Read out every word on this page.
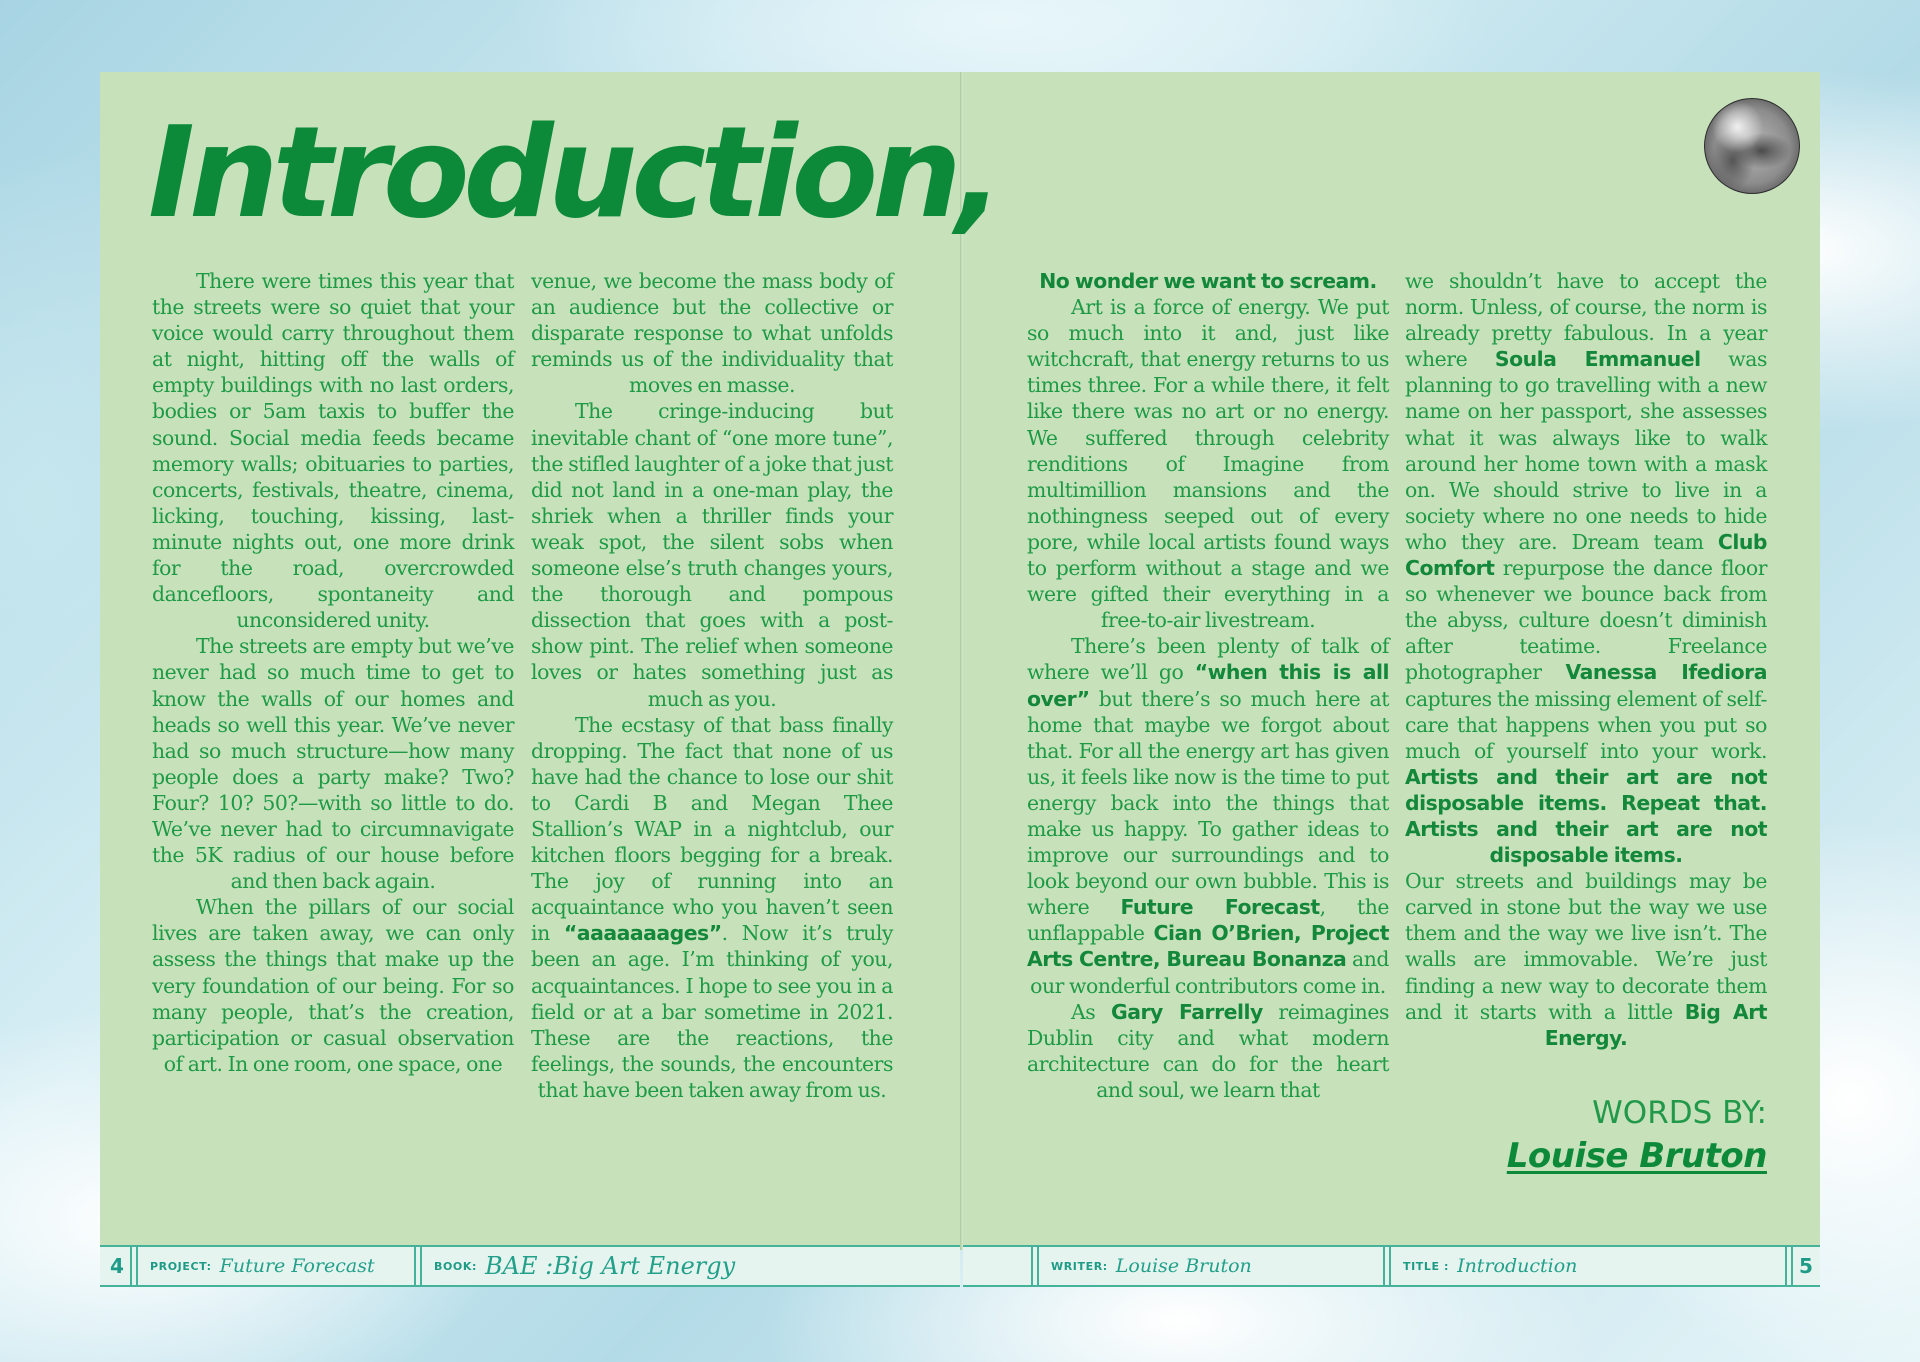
Introduction,

There were times this year that the streets were so quiet that your voice would carry throughout them at night, hitting off the walls of empty buildings with no last orders, bodies or 5am taxis to buffer the sound. Social media feeds became memory walls; obituaries to parties, concerts, festivals, theatre, cinema, licking, touching, kissing, last-minute nights out, one more drink for the road, overcrowded dancefloors, spontaneity and unconsidered unity.

The streets are empty but we’ve never had so much time to get to know the walls of our homes and heads so well this year. We’ve never had so much structure—how many people does a party make? Two? Four? 10? 50?—with so little to do. We’ve never had to circumnavigate the 5K radius of our house before and then back again.

When the pillars of our social lives are taken away, we can only assess the things that make up the very foundation of our being. For so many people, that’s the creation, participation or casual observation of art. In one room, one space, one

venue, we become the mass body of an audience but the collective or disparate response to what unfolds reminds us of the individuality that moves en masse.

The cringe-inducing but inevitable chant of “one more tune”, the stifled laughter of a joke that just did not land in a one-man play, the shriek when a thriller finds your weak spot, the silent sobs when someone else’s truth changes yours, the thorough and pompous dissection that goes with a post-show pint. The relief when someone loves or hates something just as much as you.

The ecstasy of that bass finally dropping. The fact that none of us have had the chance to lose our shit to Cardi B and Megan Thee Stallion’s WAP in a nightclub, our kitchen floors begging for a break. The joy of running into an acquaintance who you haven’t seen in “aaaaaaages”. Now it’s truly been an age. I’m thinking of you, acquaintances. I hope to see you in a field or at a bar sometime in 2021. These are the reactions, the feelings, the sounds, the encounters that have been taken away from us.

No wonder we want to scream.

Art is a force of energy. We put so much into it and, just like witchcraft, that energy returns to us times three. For a while there, it felt like there was no art or no energy. We suffered through celebrity renditions of Imagine from multimillion mansions and the nothingness seeped out of every pore, while local artists found ways to perform without a stage and we were gifted their everything in a free-to-air livestream.

There’s been plenty of talk of where we’ll go “when this is all over” but there’s so much here at home that maybe we forgot about that. For all the energy art has given us, it feels like now is the time to put energy back into the things that make us happy. To gather ideas to improve our surroundings and to look beyond our own bubble. This is where Future Forecast, the unflappable Cian O’Brien, Project Arts Centre, Bureau Bonanza and our wonderful contributors come in.

As Gary Farrelly reimagines Dublin city and what modern architecture can do for the heart and soul, we learn that

we shouldn’t have to accept the norm. Unless, of course, the norm is already pretty fabulous. In a year where Soula Emmanuel was planning to go travelling with a new name on her passport, she assesses what it was always like to walk around her home town with a mask on. We should strive to live in a society where no one needs to hide who they are. Dream team Club Comfort repurpose the dance floor so whenever we bounce back from the abyss, culture doesn’t diminish after teatime. Freelance photographer Vanessa Ifediora captures the missing element of self-care that happens when you put so much of yourself into your work. Artists and their art are not disposable items. Repeat that. Artists and their art are not disposable items.

Our streets and buildings may be carved in stone but the way we use them and the way we live isn’t. The walls are immovable. We’re just finding a new way to decorate them and it starts with a little Big Art Energy.

WORDS BY:
Louise Bruton
4 PROJECT: Future Forecast	BOOK: BAE :Big Art Energy	WRITER: Louise Bruton	TITLE : Introduction	5
